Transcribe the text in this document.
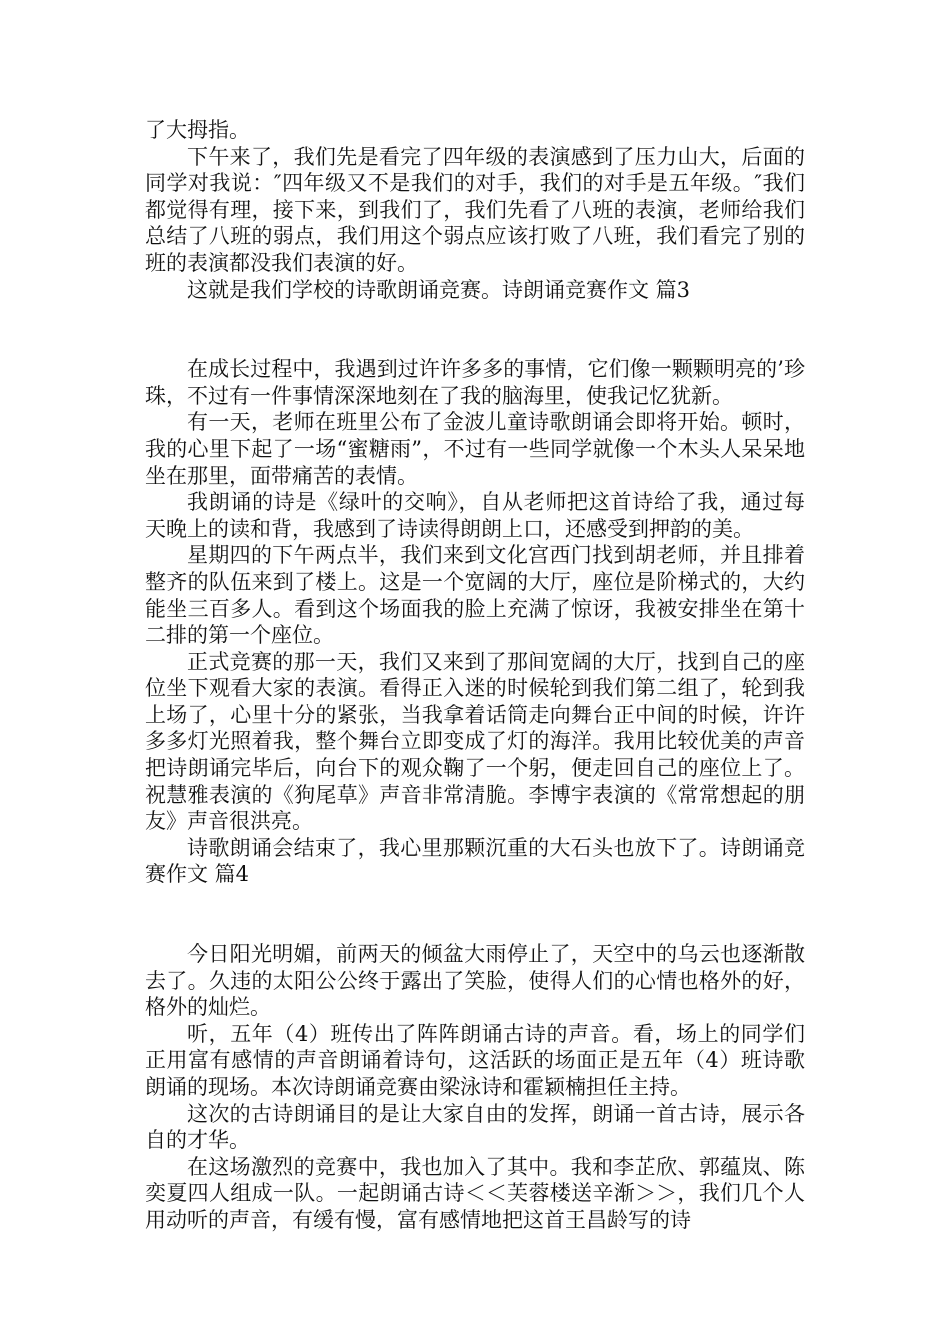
了大拇指。

下午来了，我们先是看完了四年级的表演感到了压力山大，后面的同学对我说：″四年级又不是我们的对手，我们的对手是五年级。″我们都觉得有理，接下来，到我们了，我们先看了八班的表演，老师给我们总结了八班的弱点，我们用这个弱点应该打败了八班，我们看完了别的班的表演都没我们表演的好。

这就是我们学校的诗歌朗诵竞赛。诗朗诵竞赛作文 篇3

在成长过程中，我遇到过许许多多的事情，它们像一颗颗明亮的’珍珠，不过有一件事情深深地刻在了我的脑海里，使我记忆犹新。

有一天，老师在班里公布了金波儿童诗歌朗诵会即将开始。顿时，我的心里下起了一场“蜜糖雨”，不过有一些同学就像一个木头人呆呆地坐在那里，面带痛苦的表情。

我朗诵的诗是《绿叶的交响》，自从老师把这首诗给了我，通过每天晚上的读和背，我感到了诗读得朗朗上口，还感受到押韵的美。

星期四的下午两点半，我们来到文化宫西门找到胡老师，并且排着整齐的队伍来到了楼上。这是一个宽阔的大厅，座位是阶梯式的，大约能坐三百多人。看到这个场面我的脸上充满了惊讶，我被安排坐在第十二排的第一个座位。

正式竞赛的那一天，我们又来到了那间宽阔的大厅，找到自己的座位坐下观看大家的表演。看得正入迷的时候轮到我们第二组了，轮到我上场了，心里十分的紧张，当我拿着话筒走向舞台正中间的时候，许许多多灯光照着我，整个舞台立即变成了灯的海洋。我用比较优美的声音把诗朗诵完毕后，向台下的观众鞠了一个躬，便走回自己的座位上了。祝慧雅表演的《狗尾草》声音非常清脆。李博宇表演的《常常想起的朋友》声音很洪亮。

诗歌朗诵会结束了，我心里那颗沉重的大石头也放下了。诗朗诵竞赛作文 篇4

今日阳光明媚，前两天的倾盆大雨停止了，天空中的乌云也逐渐散去了。久违的太阳公公终于露出了笑脸，使得人们的心情也格外的好，格外的灿烂。

听，五年（4）班传出了阵阵朗诵古诗的声音。看，场上的同学们正用富有感情的声音朗诵着诗句，这活跃的场面正是五年（4）班诗歌朗诵的现场。本次诗朗诵竞赛由梁泳诗和霍颖楠担任主持。

这次的古诗朗诵目的是让大家自由的发挥，朗诵一首古诗，展示各自的才华。

在这场激烈的竞赛中，我也加入了其中。我和李芷欣、郭蕴岚、陈奕夏四人组成一队。一起朗诵古诗＜＜芙蓉楼送辛渐＞＞，我们几个人用动听的声音，有缓有慢，富有感情地把这首王昌龄写的诗
